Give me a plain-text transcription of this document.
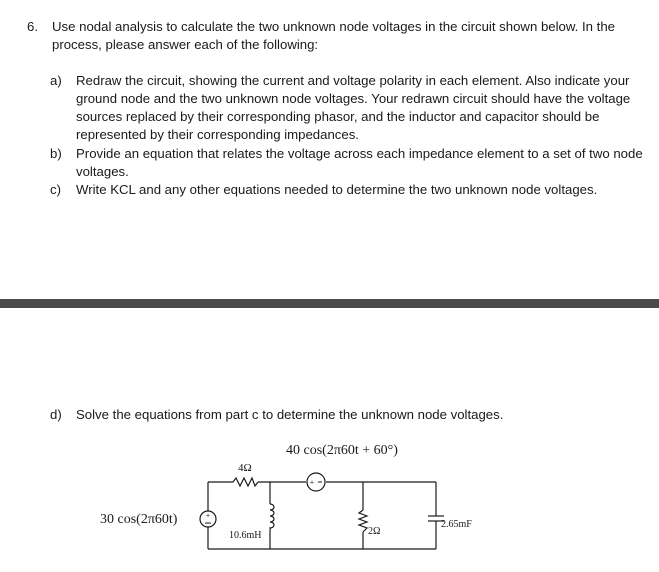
6.	Use nodal analysis to calculate the two unknown node voltages in the circuit shown below. In the process, please answer each of the following:
a)	Redraw the circuit, showing the current and voltage polarity in each element. Also indicate your ground node and the two unknown node voltages. Your redrawn circuit should have the voltage sources replaced by their corresponding phasor, and the inductor and capacitor should be represented by their corresponding impedances.
b)	Provide an equation that relates the voltage across each impedance element to a set of two node voltages.
c)	Write KCL and any other equations needed to determine the two unknown node voltages.
d)	Solve the equations from part c to determine the unknown node voltages.
+
+
30 cos(2π60t)
40 cos(2π60t + 60°)
4Ω
10.6mH	2Ω
2.65mF
